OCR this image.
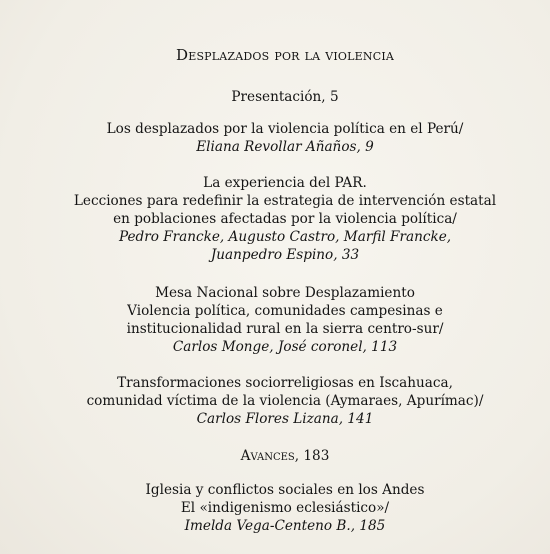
Desplazados por la violencia
Presentación, 5
Los desplazados por la violencia política en el Perú/
Eliana Revollar Añaños, 9
La experiencia del PAR.
Lecciones para redefinir la estrategia de intervención estatal
en poblaciones afectadas por la violencia política/
Pedro Francke, Augusto Castro, Marfil Francke,
Juanpedro Espino, 33
Mesa Nacional sobre Desplazamiento
Violencia política, comunidades campesinas e
institucionalidad rural en la sierra centro-sur/
Carlos Monge, José coronel, 113
Transformaciones sociorreligiosas en Iscahuaca,
comunidad víctima de la violencia (Aymaraes, Apurímac)/
Carlos Flores Lizana, 141
Avances, 183
Iglesia y conflictos sociales en los Andes
El «indigenismo eclesiástico»/
Imelda Vega-Centeno B., 185
